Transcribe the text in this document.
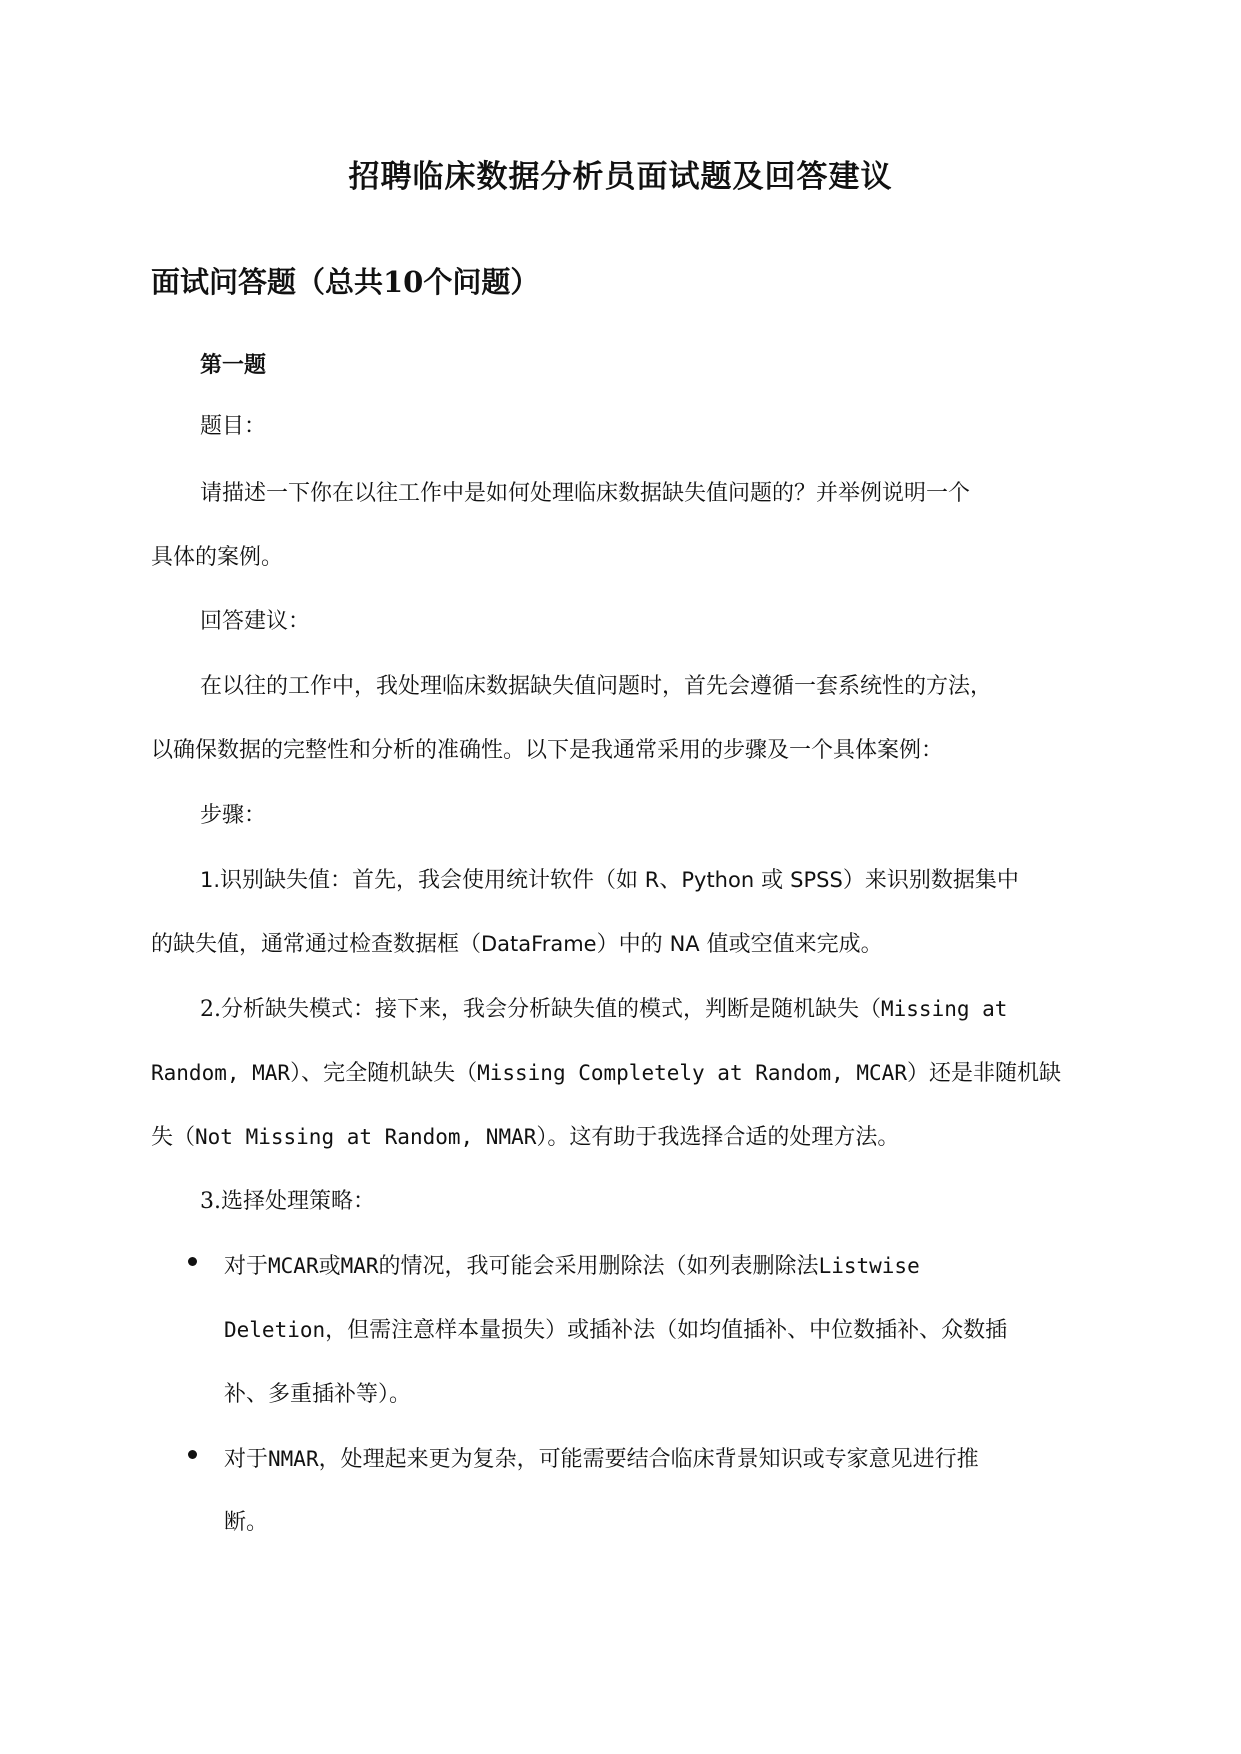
招聘临床数据分析员面试题及回答建议
面试问答题（总共10个问题）
第一题
题目：
请描述一下你在以往工作中是如何处理临床数据缺失值问题的？并举例说明一个
具体的案例。
回答建议：
在以往的工作中，我处理临床数据缺失值问题时，首先会遵循一套系统性的方法，
以确保数据的完整性和分析的准确性。以下是我通常采用的步骤及一个具体案例：
步骤：
1.识别缺失值：首先，我会使用统计软件（如 R、Python 或 SPSS）来识别数据集中
的缺失值，通常通过检查数据框（DataFrame）中的 NA 值或空值来完成。
2.分析缺失模式：接下来，我会分析缺失值的模式，判断是随机缺失（Missing at
Random, MAR）、完全随机缺失（Missing Completely at Random, MCAR）还是非随机缺
失（Not Missing at Random, NMAR）。这有助于我选择合适的处理方法。
3.选择处理策略：
对于MCAR或MAR的情况，我可能会采用删除法（如列表删除法Listwise
Deletion，但需注意样本量损失）或插补法（如均值插补、中位数插补、众数插
补、多重插补等）。
对于NMAR，处理起来更为复杂，可能需要结合临床背景知识或专家意见进行推
断。
